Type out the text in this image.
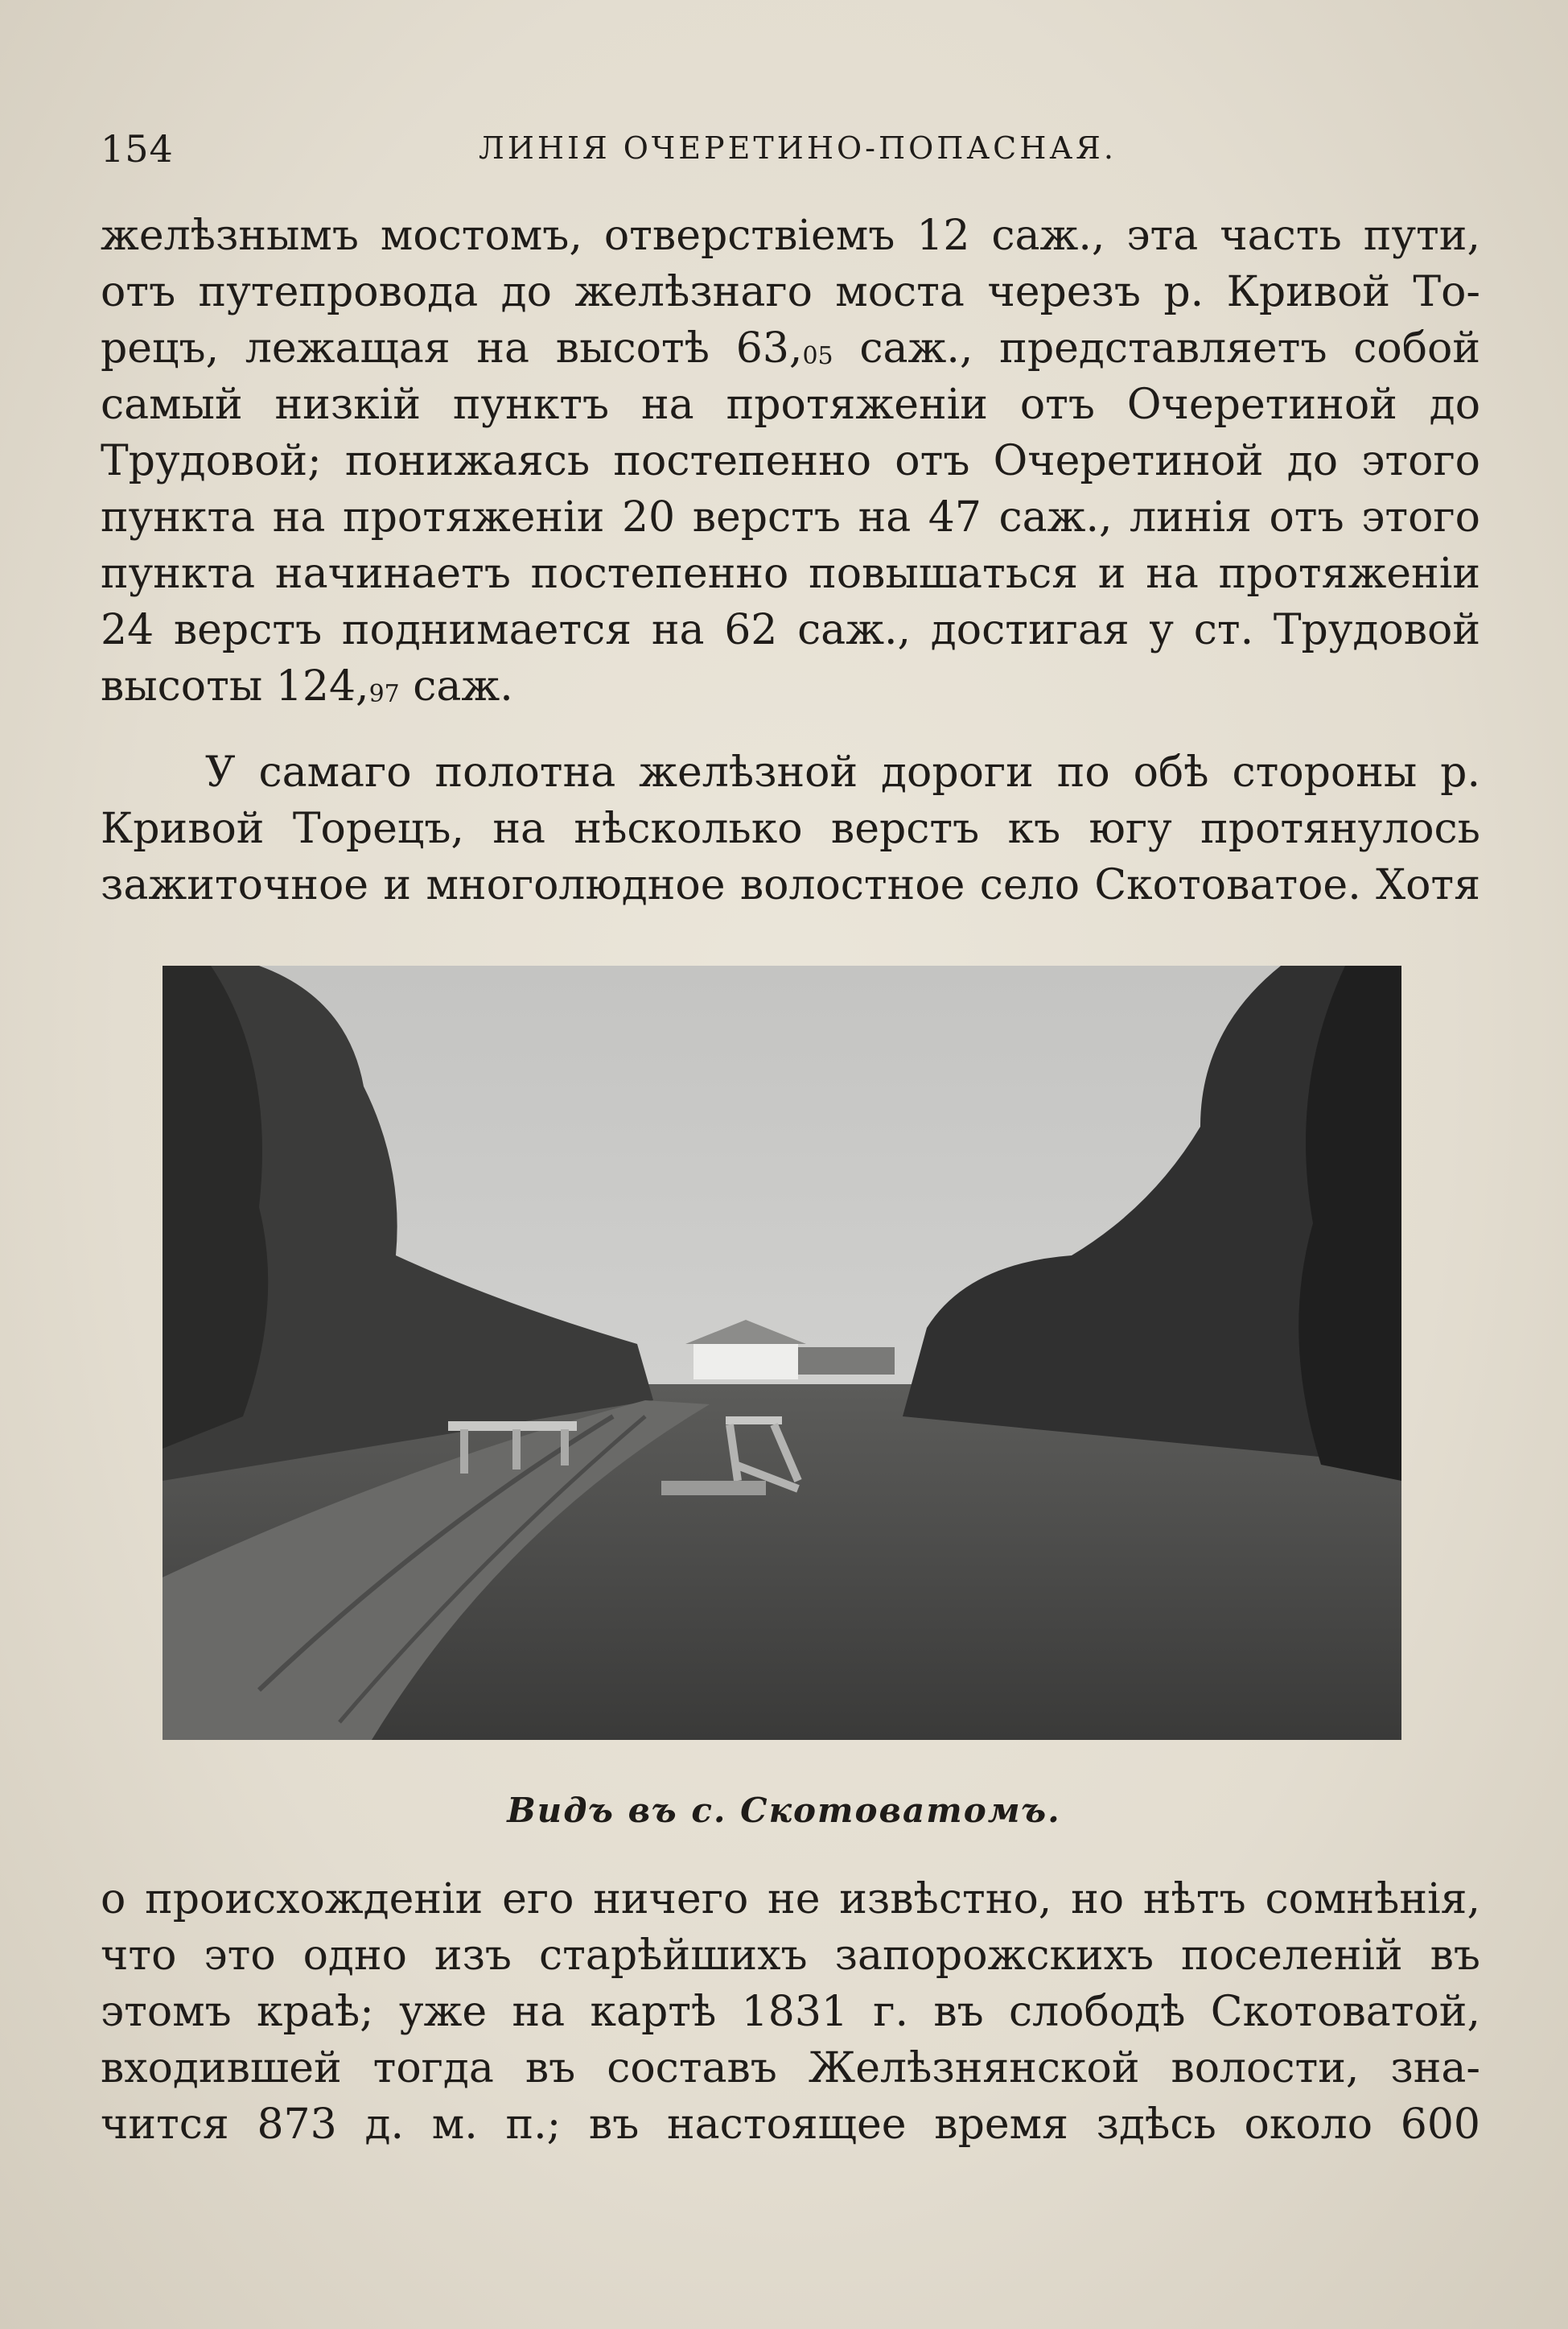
154	ЛИНІЯ ОЧЕРЕТИНО-ПОПАСНАЯ.
желѣзнымъ мостомъ, отверствіемъ 12 саж., эта часть пути,
отъ путепровода до желѣзнаго моста черезъ р. Кривой То-
рецъ, лежащая на высотѣ 63,05 саж., представляетъ собой
самый низкій пунктъ на протяженіи отъ Очеретиной до
Трудовой; понижаясь постепенно отъ Очеретиной до этого
пункта на протяженіи 20 верстъ на 47 саж., линія отъ этого
пункта начинаетъ постепенно повышаться и на протяженіи
24 верстъ поднимается на 62 саж., достигая у ст. Трудовой
высоты 124,97 саж.
У самаго полотна желѣзной дороги по обѣ стороны р.
Кривой Торецъ, на нѣсколько верстъ къ югу протянулось
зажиточное и многолюдное волостное село Скотоватое. Хотя
Видъ въ с. Скотоватомъ.
о происхожденіи его ничего не извѣстно, но нѣтъ сомнѣнія,
что это одно изъ старѣйшихъ запорожскихъ поселеній въ
этомъ краѣ; уже на картѣ 1831 г. въ слободѣ Скотоватой,
входившей тогда въ составъ Желѣзнянской волости, зна-
чится 873 д. м. п.; въ настоящее время здѣсь около 600
